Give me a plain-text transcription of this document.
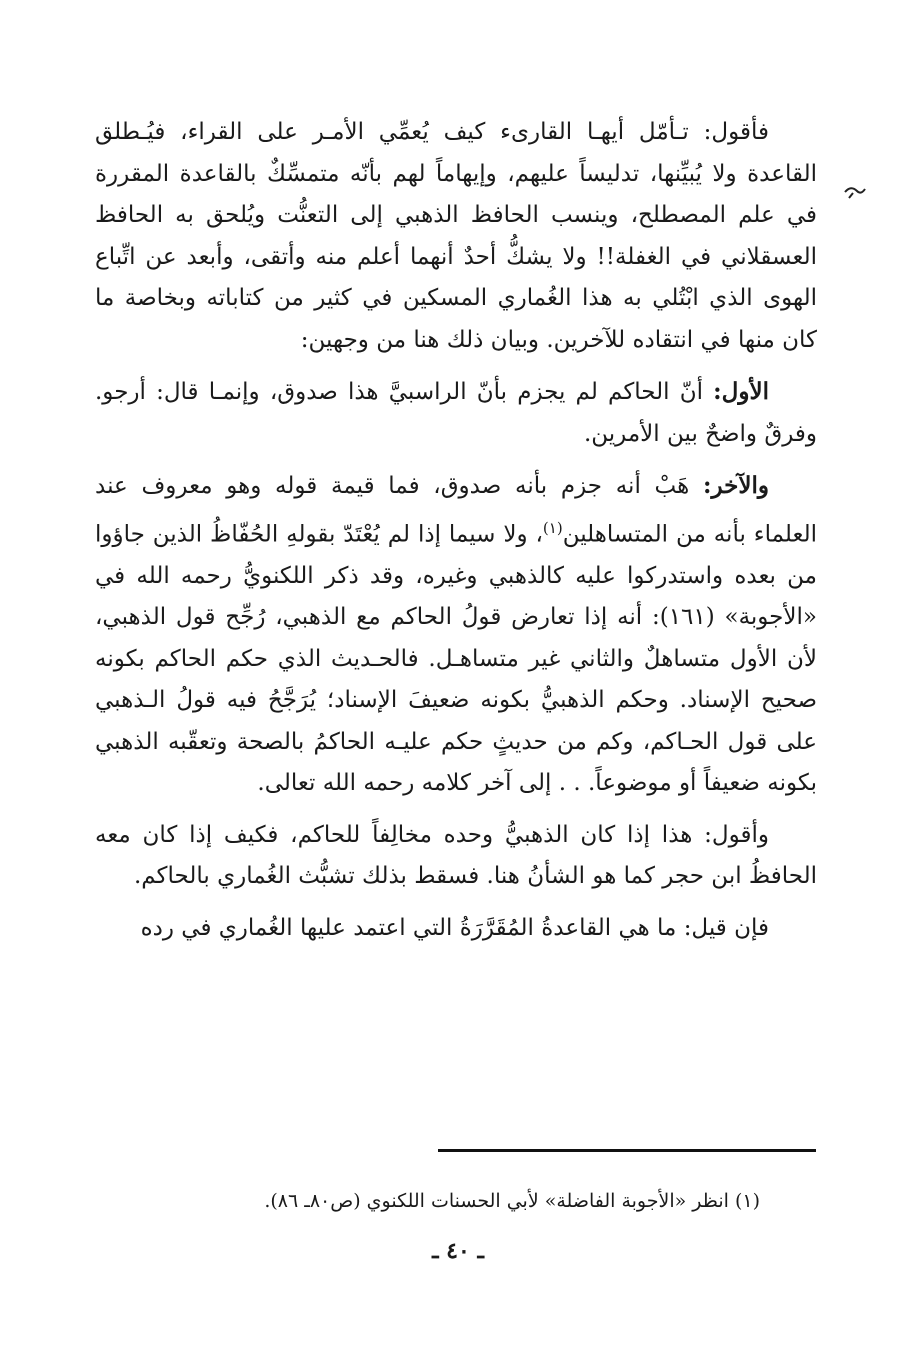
فأقول: تـأمّل أيهـا القارىء كيف يُعمِّي الأمـر على القراء، فيُـطلق القاعدة ولا يُبيِّنها، تدليساً عليهم، وإيهاماً لهم بأنّه متمسِّكٌ بالقاعدة المقررة في علم المصطلح، وينسب الحافظ الذهبي إلى التعنُّت ويُلحق به الحافظ العسقلاني في الغفلة!! ولا يشكُّ أحدٌ أنهما أعلم منه وأتقى، وأبعد عن اتِّباع الهوى الذي ابْتُلي به هذا الغُماري المسكين في كثير من كتاباته وبخاصة ما كان منها في انتقاده للآخرين. وبيان ذلك هنا من وجهين:

الأول: أنّ الحاكم لم يجزم بأنّ الراسبيَّ هذا صدوق، وإنمـا قال: أرجو. وفرقٌ واضحٌ بين الأمرين.

والآخر: هَبْ أنه جزم بأنه صدوق، فما قيمة قوله وهو معروف عند العلماء بأنه من المتساهلين$^{(١)}$، ولا سيما إذا لم يُعْتَدّ بقولهِ الحُفّاظُ الذين جاؤوا من بعده واستدركوا عليه كالذهبي وغيره، وقد ذكر اللكنويُّ رحمه الله في «الأجوبة» (١٦١): أنه إذا تعارض قولُ الحاكم مع الذهبي، رُجِّح قول الذهبي، لأن الأول متساهلٌ والثاني غير متساهـل. فالحـديث الذي حكم الحاكم بكونه صحيح الإسناد. وحكم الذهبيُّ بكونه ضعيفَ الإسناد؛ يُرَجَّحُ فيه قولُ الـذهبي على قول الحـاكم، وكم من حديثٍ حكم عليـه الحاكمُ بالصحة وتعقّبه الذهبي بكونه ضعيفاً أو موضوعاً. . . إلى آخر كلامه رحمه الله تعالى.

وأقول: هذا إذا كان الذهبيُّ وحده مخالِفاً للحاكم، فكيف إذا كان معه الحافظُ ابن حجر كما هو الشأنُ هنا. فسقط بذلك تشبُّث الغُماري بالحاكم.

فإن قيل: ما هي القاعدةُ المُقَرَّرَةُ التي اعتمد عليها الغُماري في رده

(١) انظر «الأجوبة الفاضلة» لأبي الحسنات اللكنوي (ص٨٠ـ ٨٦).
ـ ٤٠ ـ
